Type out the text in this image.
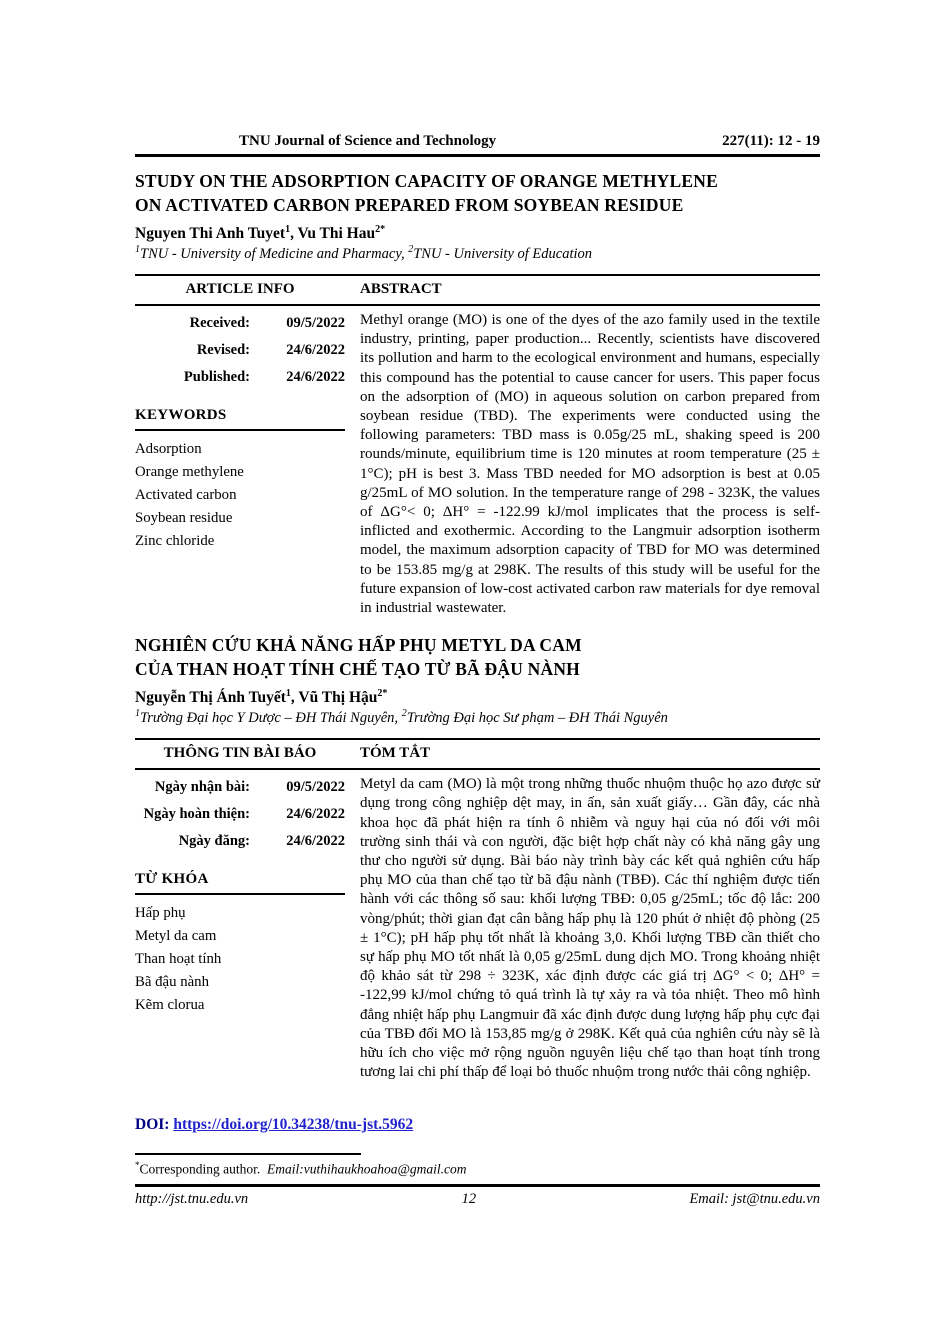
TNU Journal of Science and Technology	227(11): 12 - 19
STUDY ON THE ADSORPTION CAPACITY OF ORANGE METHYLENE
ON ACTIVATED CARBON PREPARED FROM SOYBEAN RESIDUE
Nguyen Thi Anh Tuyet$^1$, Vu Thi Hau$^{2*}$
$^1$TNU - University of Medicine and Pharmacy, $^2$TNU - University of Education
ARTICLE INFO	ABSTRACT
Received:	09/5/2022
Revised:	24/6/2022
Published:	24/6/2022
KEYWORDS
Adsorption
Orange methylene
Activated carbon
Soybean residue
Zinc chloride
Methyl orange (MO) is one of the dyes of the azo family used in the textile industry, printing, paper production... Recently, scientists have discovered its pollution and harm to the ecological environment and humans, especially this compound has the potential to cause cancer for users. This paper focus on the adsorption of (MO) in aqueous solution on carbon prepared from soybean residue (TBD). The experiments were conducted using the following parameters: TBD mass is 0.05g/25 mL, shaking speed is 200 rounds/minute, equilibrium time is 120 minutes at room temperature (25 ± 1°C); pH is best 3. Mass TBD needed for MO adsorption is best at 0.05 g/25mL of MO solution. In the temperature range of 298 - 323K, the values of ΔG°< 0; ΔH° = -122.99 kJ/mol implicates that the process is self-inflicted and exothermic. According to the Langmuir adsorption isotherm model, the maximum adsorption capacity of TBD for MO was determined to be 153.85 mg/g at 298K. The results of this study will be useful for the future expansion of low-cost activated carbon raw materials for dye removal in industrial wastewater.
NGHIÊN CỨU KHẢ NĂNG HẤP PHỤ METYL DA CAM
CỦA THAN HOẠT TÍNH CHẾ TẠO TỪ BÃ ĐẬU NÀNH
Nguyễn Thị Ánh Tuyết$^1$, Vũ Thị Hậu$^{2*}$
$^1$Trường Đại học Y Dược – ĐH Thái Nguyên, $^2$Trường Đại học Sư phạm – ĐH Thái Nguyên
THÔNG TIN BÀI BÁO	TÓM TẮT
Ngày nhận bài:	09/5/2022
Ngày hoàn thiện:	24/6/2022
Ngày đăng:	24/6/2022
TỪ KHÓA
Hấp phụ
Metyl da cam
Than hoạt tính
Bã đậu nành
Kẽm clorua
Metyl da cam (MO) là một trong những thuốc nhuộm thuộc họ azo được sử dụng trong công nghiệp dệt may, in ấn, sản xuất giấy… Gần đây, các nhà khoa học đã phát hiện ra tính ô nhiễm và nguy hại của nó đối với môi trường sinh thái và con người, đặc biệt hợp chất này có khả năng gây ung thư cho người sử dụng. Bài báo này trình bày các kết quả nghiên cứu hấp phụ MO của than chế tạo từ bã đậu nành (TBĐ). Các thí nghiệm được tiến hành với các thông số sau: khối lượng TBĐ: 0,05 g/25mL; tốc độ lắc: 200 vòng/phút; thời gian đạt cân bằng hấp phụ là 120 phút ở nhiệt độ phòng (25 ± 1°C); pH hấp phụ tốt nhất là khoảng 3,0. Khối lượng TBĐ cần thiết cho sự hấp phụ MO tốt nhất là 0,05 g/25mL dung dịch MO. Trong khoảng nhiệt độ khảo sát từ 298 ÷ 323K, xác định được các giá trị ΔG° < 0; ΔH° = -122,99 kJ/mol chứng tỏ quá trình là tự xảy ra và tỏa nhiệt. Theo mô hình đẳng nhiệt hấp phụ Langmuir đã xác định được dung lượng hấp phụ cực đại của TBĐ đối MO là 153,85 mg/g ở 298K. Kết quả của nghiên cứu này sẽ là hữu ích cho việc mở rộng nguồn nguyên liệu chế tạo than hoạt tính trong tương lai chi phí thấp để loại bỏ thuốc nhuộm trong nước thải công nghiệp.
DOI: https://doi.org/10.34238/tnu-jst.5962
*Corresponding author. Email:vuthihaukhoahoa@gmail.com
http://jst.tnu.edu.vn	12	Email: jst@tnu.edu.vn
